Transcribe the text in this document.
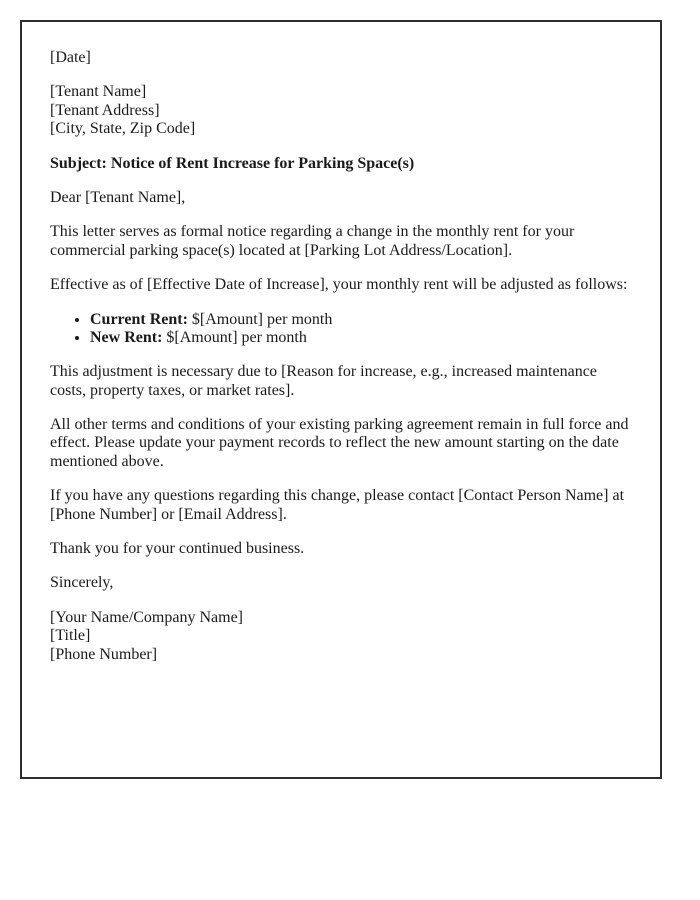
[Date]

[Tenant Name]
[Tenant Address]
[City, State, Zip Code]

Subject: Notice of Rent Increase for Parking Space(s)

Dear [Tenant Name],

This letter serves as formal notice regarding a change in the monthly rent for your
commercial parking space(s) located at [Parking Lot Address/Location].

Effective as of [Effective Date of Increase], your monthly rent will be adjusted as follows:

• Current Rent: $[Amount] per month
• New Rent: $[Amount] per month

This adjustment is necessary due to [Reason for increase, e.g., increased maintenance
costs, property taxes, or market rates].

All other terms and conditions of your existing parking agreement remain in full force and
effect. Please update your payment records to reflect the new amount starting on the date
mentioned above.

If you have any questions regarding this change, please contact [Contact Person Name] at
[Phone Number] or [Email Address].

Thank you for your continued business.

Sincerely,

[Your Name/Company Name]
[Title]
[Phone Number]
